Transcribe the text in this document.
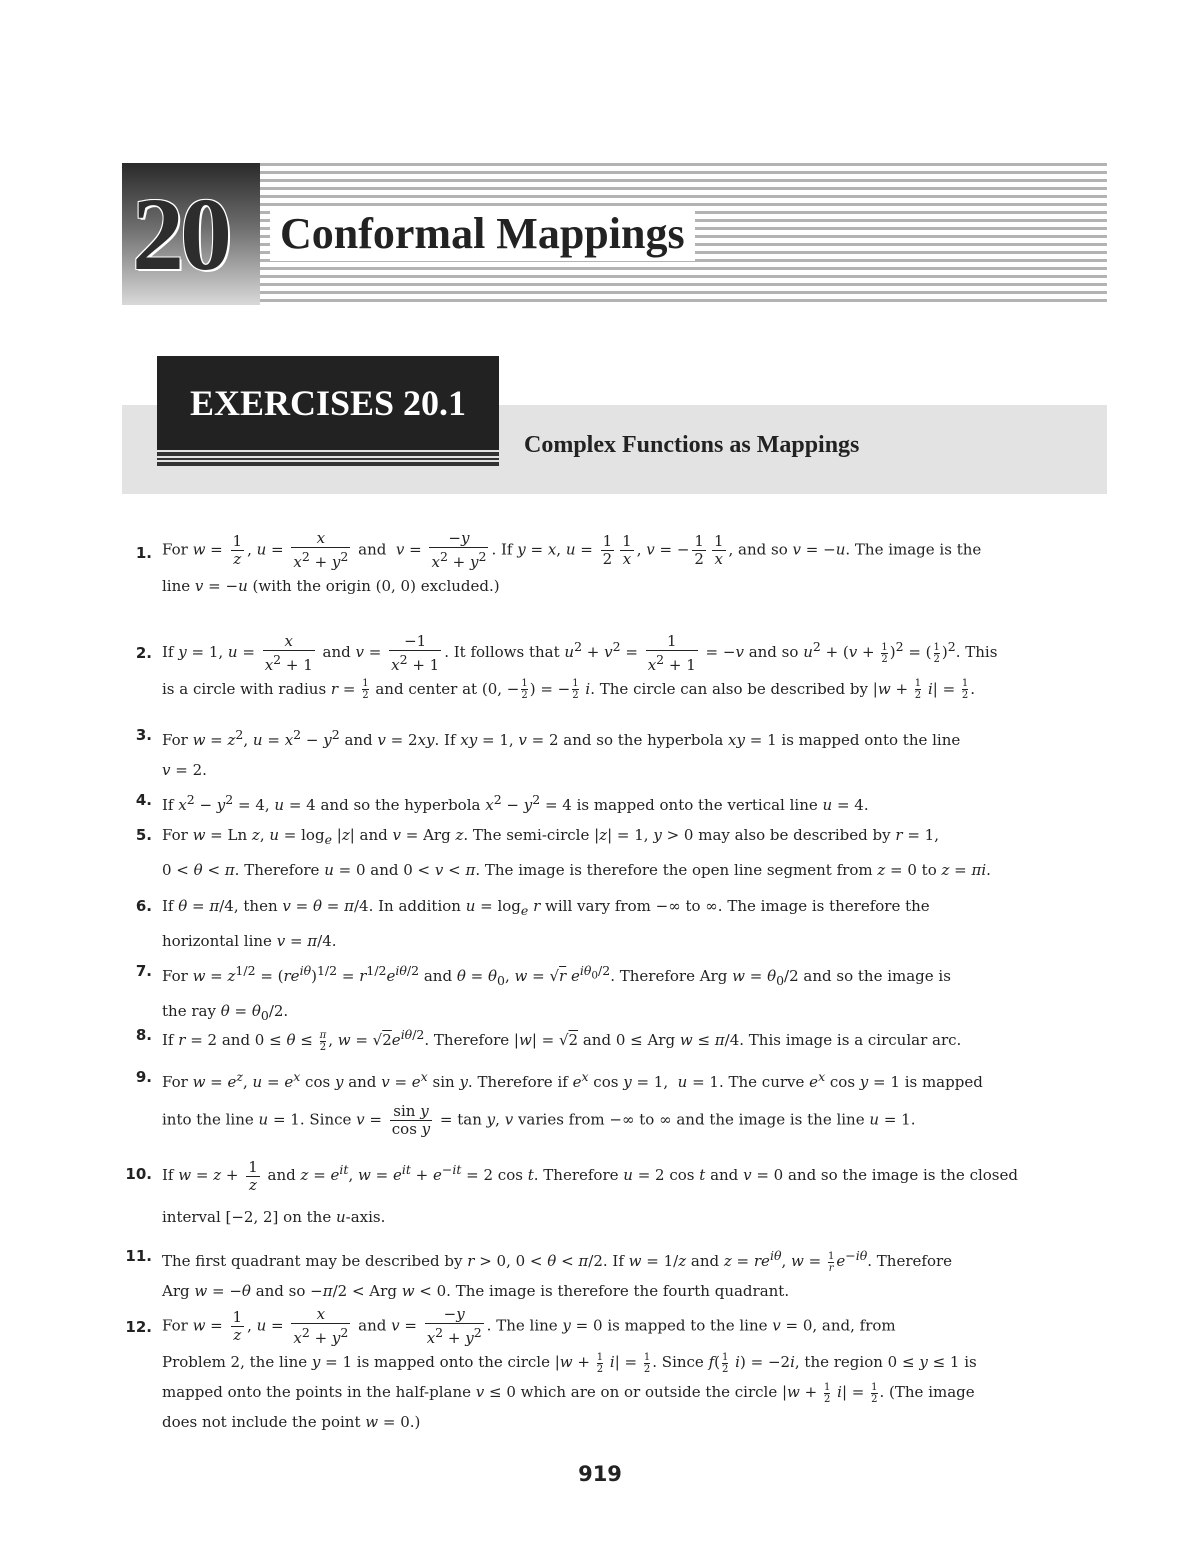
20 Conformal Mappings
EXERCISES 20.1
Complex Functions as Mappings
1. For $w = \frac{1}{z}$ , $u = \frac{x}{x^2 + y^2}$ and  $v = \frac{-y}{x^2 + y^2}$ . If y = x, $u = \frac{1}{2} \frac{1}{x}$ , v = − $\frac{1}{2} \frac{1}{x}$ , and so v = −u. The image is the
line v = −u (with the origin (0, 0) excluded.)
2. If y = 1, $u = \frac{x}{x^2 + 1}$ and $v = \frac{-1}{x^2 + 1}$ . It follows that $u^2 + v^2 = \frac{1}{x^2 + 1} = -v$ and so $u^2 + (v + \frac{1}{2} )^2$ = ( $\frac{1}{2} )^2$. This
is a circle with radius $r = \frac{1}{2}$ and center at (0, − $\frac{1}{2}$ ) = − $\frac{1}{2} i$. The circle can also be described by $|w + \frac{1}{2} i| = \frac{1}{2}$ .
3. For $w = z^2$, $u = x^2 - y^2$ and v = 2xy. If xy = 1, v = 2 and so the hyperbola xy = 1 is mapped onto the line
v = 2.
4. If $x^2 - y^2 = 4$, u = 4 and so the hyperbola $x^2 - y^2 = 4$ is mapped onto the vertical line u = 4.
5. For w = Ln z, $u = \log_e |z|$ and v = Arg z. The semi-circle |z| = 1, y > 0 may also be described by r = 1,
0 < θ < π. Therefore u = 0 and 0 < v < π. The image is therefore the open line segment from z = 0 to z = πi.
6. If θ = π/4, then v = θ = π/4. In addition $u = \log_e r$ will vary from −∞ to ∞. The image is therefore the
horizontal line v = π/4.
7. For $w = z^{1/2} = (re^{i\theta})^{1/2} = r^{1/2}e^{i\theta/2}$ and $\theta = \theta_0$, w = √r $e^{i\theta_0/2}$. Therefore Arg $w = \theta_0/2$ and so the image is
the ray $\theta = \theta_0/2$.
8. If r = 2 and $0 \le \theta \le \frac{\pi}{2}$ , $w = √2e^{i\theta/2}$. Therefore |w| = √2 and 0 ≤ Arg w ≤ π/4. This image is a circular arc.
9. For $w = e^z$, $u = e^x$ cos y and $v = e^x$ sin y. Therefore if $e^x$ cos y = 1,  u = 1. The curve $e^x$ cos y = 1 is mapped
into the line u = 1. Since $v = \frac{\text{sin y}}{\text{cos y}} = \tan y$, v varies from −∞ to ∞ and the image is the line u = 1.
10. If $w = z + \frac{1}{z}$ and $z = e^{it}$, $w = e^{it} + e^{-it} = 2$ cos t. Therefore u = 2 cos t and v = 0 and so the image is the closed
interval [−2, 2] on the u-axis.
11. The first quadrant may be described by r > 0, 0 < θ < π/2. If w = 1/z and $z = re^{i\theta}$, $w = \frac{1}{r} e^{-i\theta}$. Therefore
Arg w = −θ and so −π/2 < Arg w < 0. The image is therefore the fourth quadrant.
12. For $w = \frac{1}{z}$ , $u = \frac{x}{x^2 + y^2}$ and $v = \frac{-y}{x^2 + y^2}$ . The line y = 0 is mapped to the line v = 0, and, from
Problem 2, the line y = 1 is mapped onto the circle $|w + \frac{1}{2} i| = \frac{1}{2}$ . Since $f( \frac{1}{2} i) = -2i$, the region 0 ≤ y ≤ 1 is
mapped onto the points in the half-plane v ≤ 0 which are on or outside the circle $|w + \frac{1}{2} i| = \frac{1}{2}$ . (The image
does not include the point w = 0.)
919
